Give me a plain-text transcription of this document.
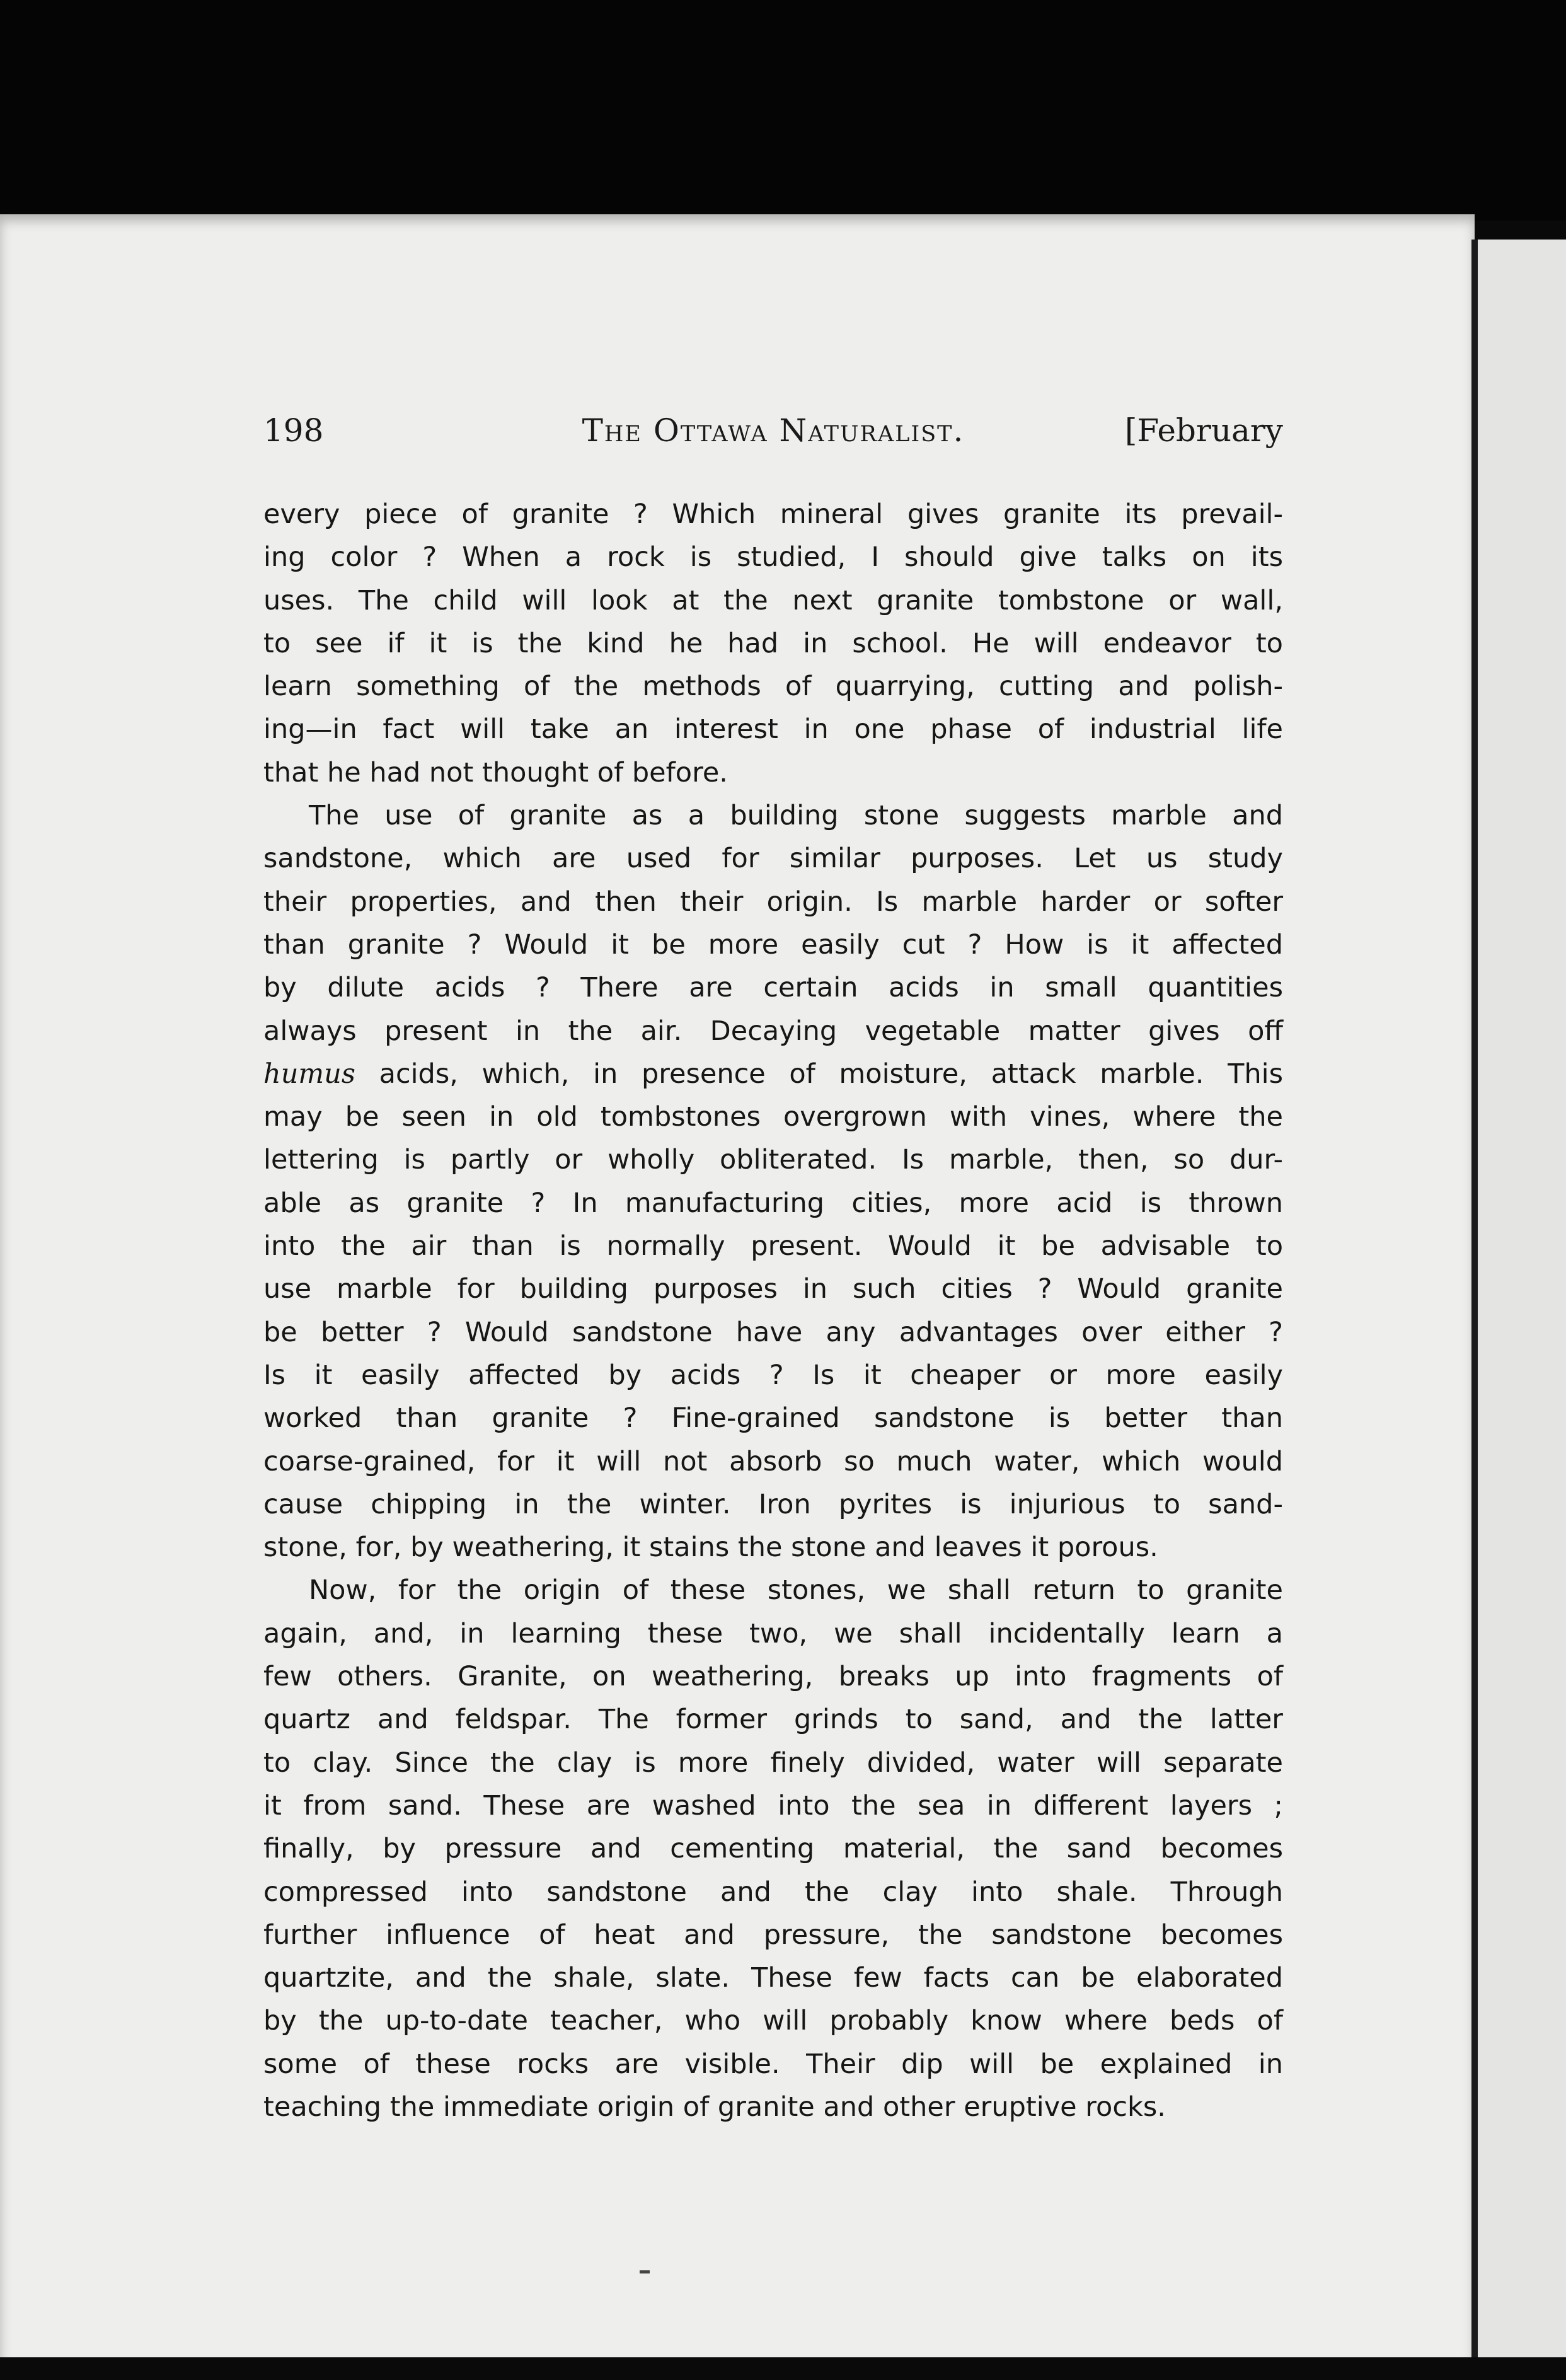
198	The Ottawa Naturalist.	[February

every piece of granite ? Which mineral gives granite its prevail-

ing color ? When a rock is studied, I should give talks on its

uses. The child will look at the next granite tombstone or wall,

to see if it is the kind he had in school. He will endeavor to

learn something of the methods of quarrying, cutting and polish-

ing—in fact will take an interest in one phase of industrial life

that he had not thought of before.

The use of granite as a building stone suggests marble and

sandstone, which are used for similar purposes. Let us study

their properties, and then their origin. Is marble harder or softer

than granite ? Would it be more easily cut ? How is it affected

by dilute acids ? There are certain acids in small quantities

always present in the air. Decaying vegetable matter gives off

humus acids, which, in presence of moisture, attack marble. This

may be seen in old tombstones overgrown with vines, where the

lettering is partly or wholly obliterated. Is marble, then, so dur-

able as granite ? In manufacturing cities, more acid is thrown

into the air than is normally present. Would it be advisable to

use marble for building purposes in such cities ? Would granite

be better ? Would sandstone have any advantages over either ?

Is it easily affected by acids ? Is it cheaper or more easily

worked than granite ? Fine-grained sandstone is better than

coarse-grained, for it will not absorb so much water, which would

cause chipping in the winter. Iron pyrites is injurious to sand-

stone, for, by weathering, it stains the stone and leaves it porous.

Now, for the origin of these stones, we shall return to granite

again, and, in learning these two, we shall incidentally learn a

few others. Granite, on weathering, breaks up into fragments of

quartz and feldspar. The former grinds to sand, and the latter

to clay. Since the clay is more finely divided, water will separate

it from sand. These are washed into the sea in different layers ;

finally, by pressure and cementing material, the sand becomes

compressed into sandstone and the clay into shale. Through

further influence of heat and pressure, the sandstone becomes

quartzite, and the shale, slate. These few facts can be elaborated

by the up-to-date teacher, who will probably know where beds of

some of these rocks are visible. Their dip will be explained in

teaching the immediate origin of granite and other eruptive rocks.
